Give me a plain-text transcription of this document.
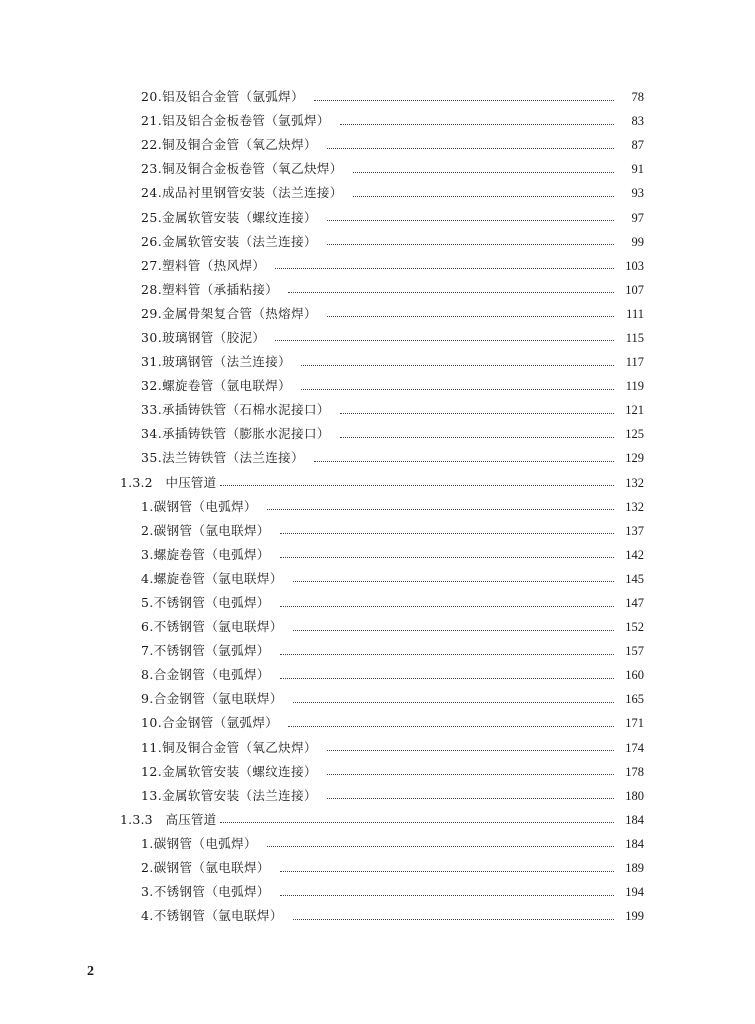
20.铝及铝合金管（氩弧焊）	78
21.铝及铝合金板卷管（氩弧焊）	83
22.铜及铜合金管（氧乙炔焊）	87
23.铜及铜合金板卷管（氧乙炔焊）	91
24.成品衬里钢管安装（法兰连接）	93
25.金属软管安装（螺纹连接）	97
26.金属软管安装（法兰连接）	99
27.塑料管（热风焊）	103
28.塑料管（承插粘接）	107
29.金属骨架复合管（热熔焊）	111
30.玻璃钢管（胶泥）	115
31.玻璃钢管（法兰连接）	117
32.螺旋卷管（氩电联焊）	119
33.承插铸铁管（石棉水泥接口）	121
34.承插铸铁管（膨胀水泥接口）	125
35.法兰铸铁管（法兰连接）	129
1.3.2　中压管道	132
1.碳钢管（电弧焊）	132
2.碳钢管（氩电联焊）	137
3.螺旋卷管（电弧焊）	142
4.螺旋卷管（氩电联焊）	145
5.不锈钢管（电弧焊）	147
6.不锈钢管（氩电联焊）	152
7.不锈钢管（氩弧焊）	157
8.合金钢管（电弧焊）	160
9.合金钢管（氩电联焊）	165
10.合金钢管（氩弧焊）	171
11.铜及铜合金管（氧乙炔焊）	174
12.金属软管安装（螺纹连接）	178
13.金属软管安装（法兰连接）	180
1.3.3　高压管道	184
1.碳钢管（电弧焊）	184
2.碳钢管（氩电联焊）	189
3.不锈钢管（电弧焊）	194
4.不锈钢管（氩电联焊）	199
2
